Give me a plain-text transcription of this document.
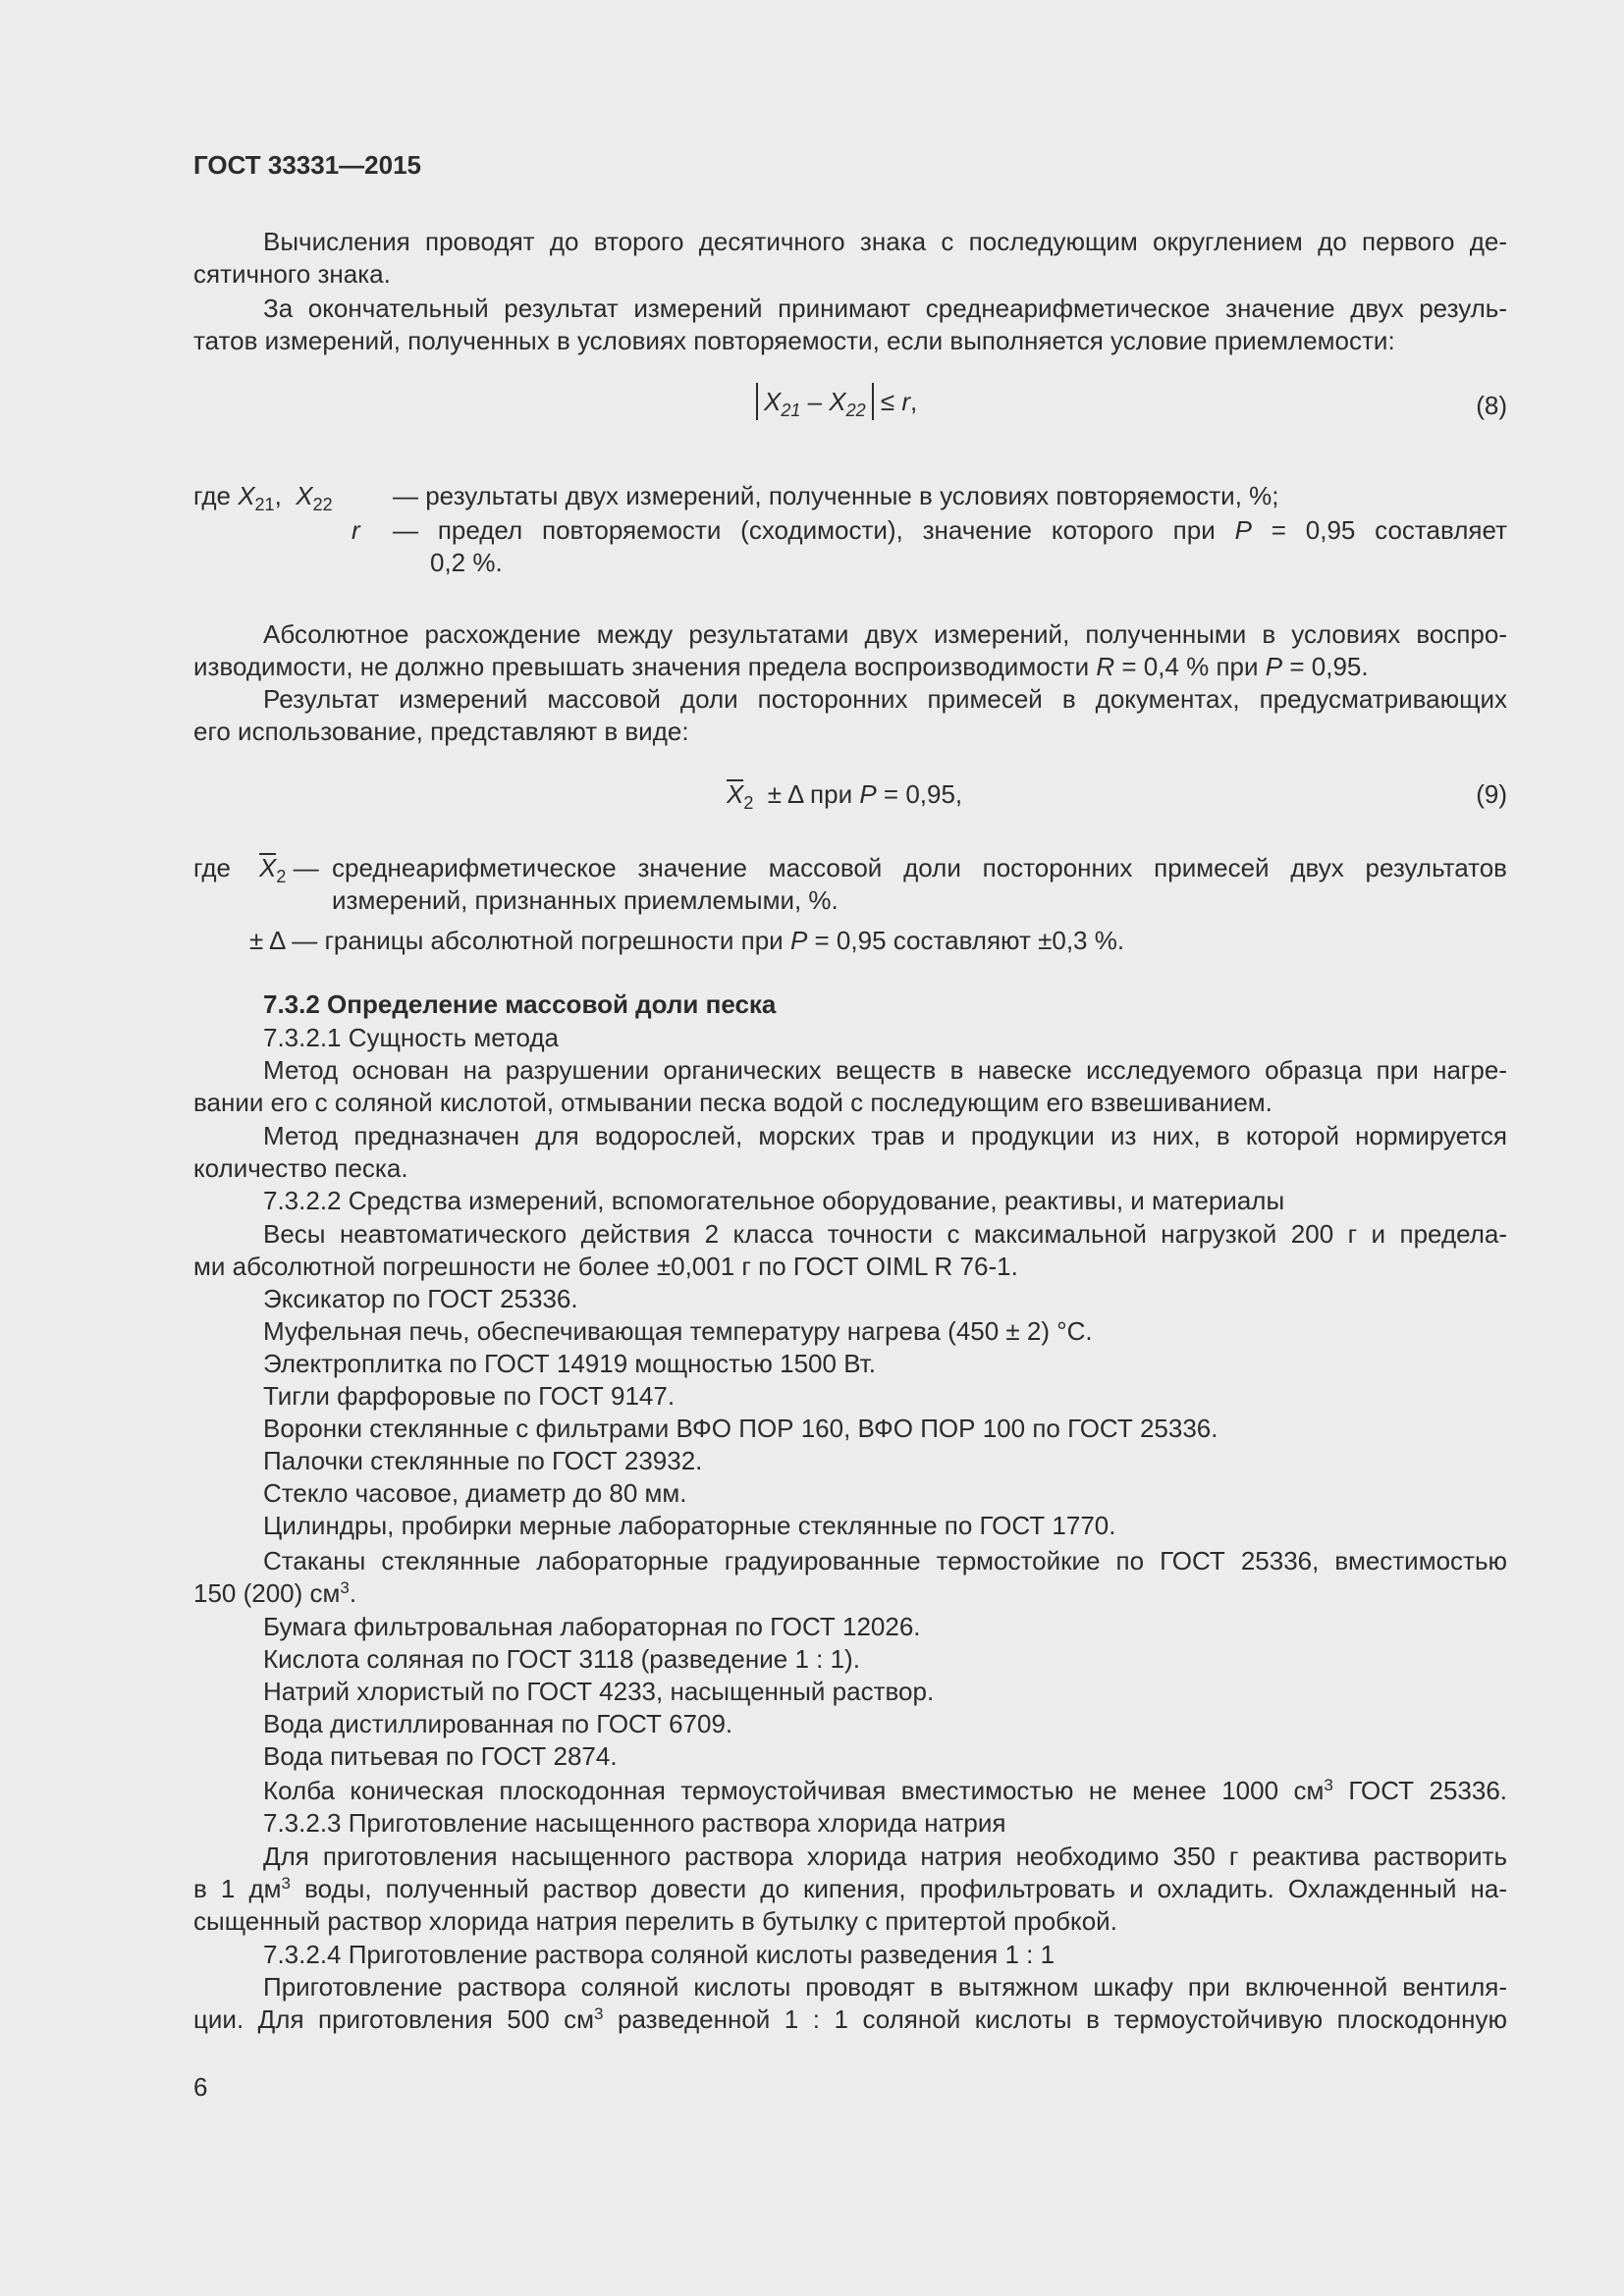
ГОСТ 33331—2015
Вычисления проводят до второго десятичного знака с последующим округлением до первого де-
сятичного знака.
За окончательный результат измерений принимают среднеарифметическое значение двух резуль-
татов измерений, полученных в условиях повторяемости, если выполняется условие приемлемости:
$X_{21} - X_{22} \le r$,	(8)
где $X_{21}$,  $X_{22}$ — результаты двух измерений, полученные в условиях повторяемости, %;
r — предел повторяемости (сходимости), значение которого при P = 0,95 составляет
0,2 %.
Абсолютное расхождение между результатами двух измерений, полученными в условиях воспро-
изводимости, не должно превышать значения предела воспроизводимости R = 0,4 % при P = 0,95.
Результат измерений массовой доли посторонних примесей в документах, предусматривающих
его использование, представляют в виде:
$X_2 \pm \Delta$ при P = 0,95,	(9)
где $X_2$ — среднеарифметическое значение массовой доли посторонних примесей двух результатов
измерений, признанных приемлемыми, %.
± Δ — границы абсолютной погрешности при P = 0,95 составляют ±0,3 %.
7.3.2 Определение массовой доли песка
7.3.2.1 Сущность метода
Метод основан на разрушении органических веществ в навеске исследуемого образца при нагре-
вании его с соляной кислотой, отмывании песка водой с последующим его взвешиванием.
Метод предназначен для водорослей, морских трав и продукции из них, в которой нормируется
количество песка.
7.3.2.2 Средства измерений, вспомогательное оборудование, реактивы, и материалы
Весы неавтоматического действия 2 класса точности с максимальной нагрузкой 200 г и предела-
ми абсолютной погрешности не более ±0,001 г по ГОСТ OIML R 76-1.
Эксикатор по ГОСТ 25336.
Муфельная печь, обеспечивающая температуру нагрева (450 ± 2) °С.
Электроплитка по ГОСТ 14919 мощностью 1500 Вт.
Тигли фарфоровые по ГОСТ 9147.
Воронки стеклянные с фильтрами ВФО ПОР 160, ВФО ПОР 100 по ГОСТ 25336.
Палочки стеклянные по ГОСТ 23932.
Стекло часовое, диаметр до 80 мм.
Цилиндры, пробирки мерные лабораторные стеклянные по ГОСТ 1770.
Стаканы стеклянные лабораторные градуированные термостойкие по ГОСТ 25336, вместимостью
150 (200) $см^3$.
Бумага фильтровальная лабораторная по ГОСТ 12026.
Кислота соляная по ГОСТ 3118 (разведение 1 : 1).
Натрий хлористый по ГОСТ 4233, насыщенный раствор.
Вода дистиллированная по ГОСТ 6709.
Вода питьевая по ГОСТ 2874.
Колба коническая плоскодонная термоустойчивая вместимостью не менее 1000 $см^3$ ГОСТ 25336.
7.3.2.3 Приготовление насыщенного раствора хлорида натрия
Для приготовления насыщенного раствора хлорида натрия необходимо 350 г реактива растворить
в 1 $дм^3$ воды, полученный раствор довести до кипения, профильтровать и охладить. Охлажденный на-
сыщенный раствор хлорида натрия перелить в бутылку с притертой пробкой.
7.3.2.4 Приготовление раствора соляной кислоты разведения 1 : 1
Приготовление раствора соляной кислоты проводят в вытяжном шкафу при включенной вентиля-
ции. Для приготовления 500 $см^3$ разведенной 1 : 1 соляной кислоты в термоустойчивую плоскодонную
6
